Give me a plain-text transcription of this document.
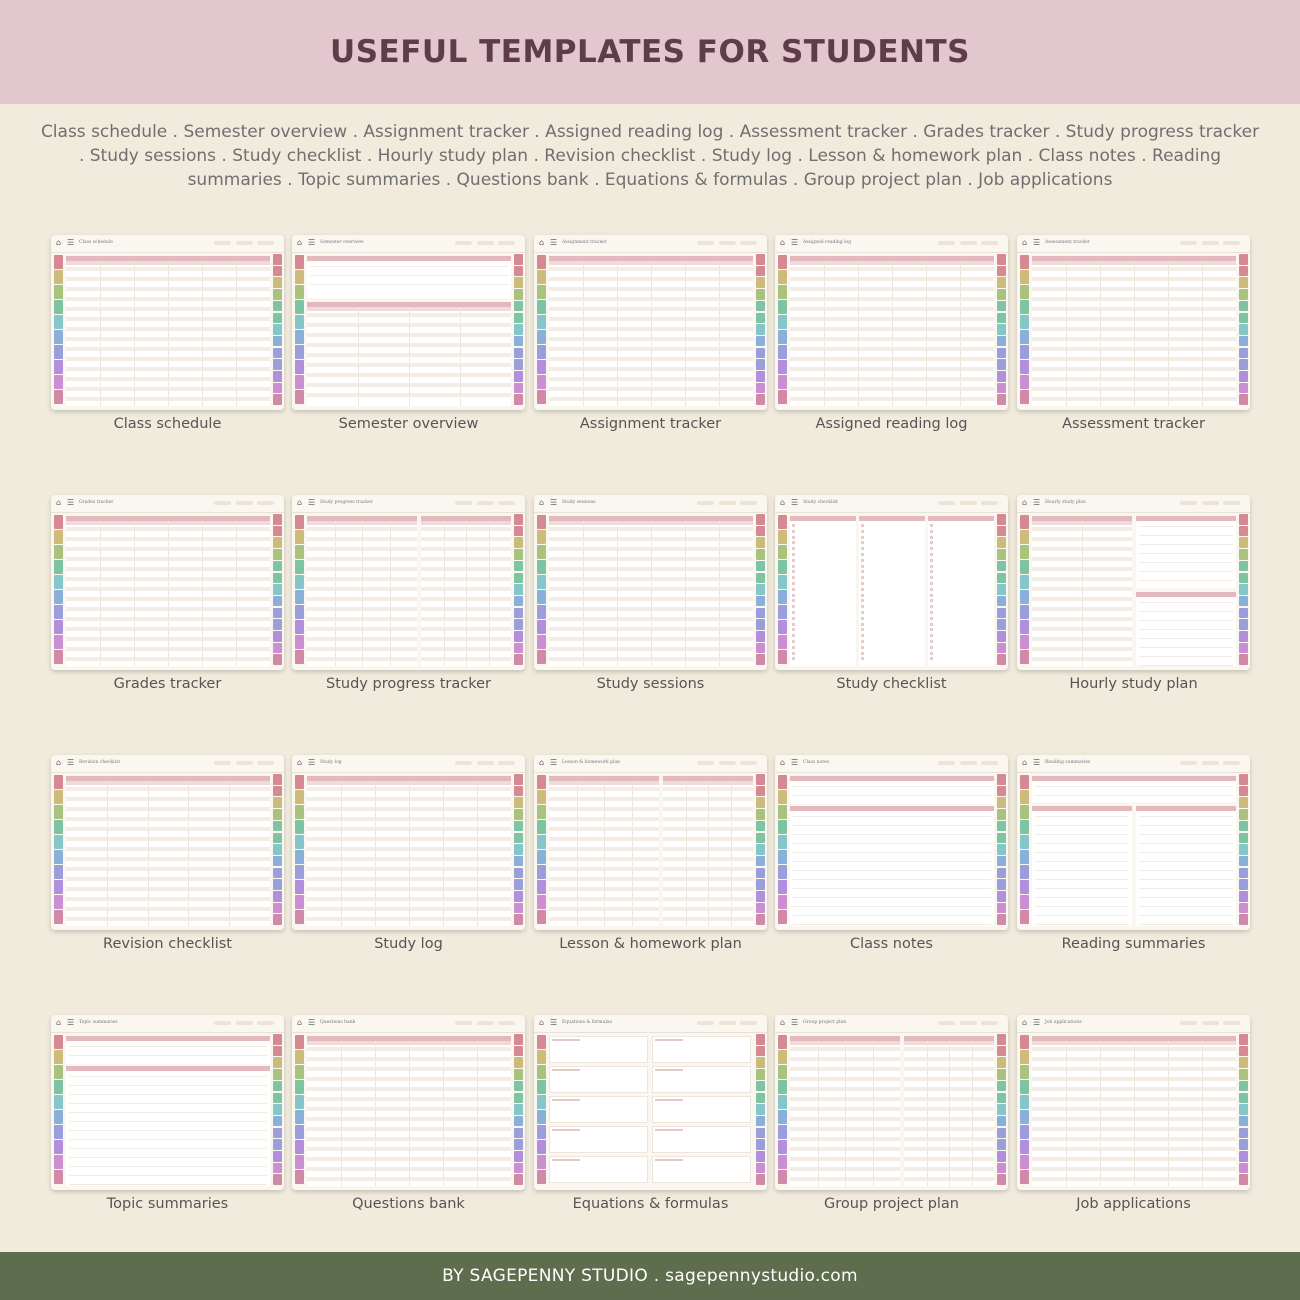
USEFUL TEMPLATES FOR STUDENTS

Class schedule . Semester overview . Assignment tracker . Assigned reading log . Assessment tracker . Grades tracker . Study progress tracker . Study sessions . Study checklist . Hourly study plan . Revision checklist . Study log . Lesson & homework plan . Class notes . Reading summaries . Topic summaries . Questions bank . Equations & formulas . Group project plan . Job applications

⌂ ☰ Class schedule
Class schedule
⌂ ☰ Semester overview
Semester overview
⌂ ☰ Assignment tracker
Assignment tracker
⌂ ☰ Assigned reading log
Assigned reading log
⌂ ☰ Assessment tracker
Assessment tracker
⌂ ☰ Grades tracker
Grades tracker
⌂ ☰ Study progress tracker
Study progress tracker
⌂ ☰ Study sessions
Study sessions
⌂ ☰ Study checklist
Study checklist
⌂ ☰ Hourly study plan
Hourly study plan
⌂ ☰ Revision checklist
Revision checklist
⌂ ☰ Study log
Study log
⌂ ☰ Lesson & homework plan
Lesson & homework plan
⌂ ☰ Class notes
Class notes
⌂ ☰ Reading summaries
Reading summaries
⌂ ☰ Topic summaries
Topic summaries
⌂ ☰ Questions bank
Questions bank
⌂ ☰ Equations & formulas
Equations & formulas
⌂ ☰ Group project plan
Group project plan
⌂ ☰ Job applications
Job applications
BY SAGEPENNY STUDIO . sagepennystudio.com
